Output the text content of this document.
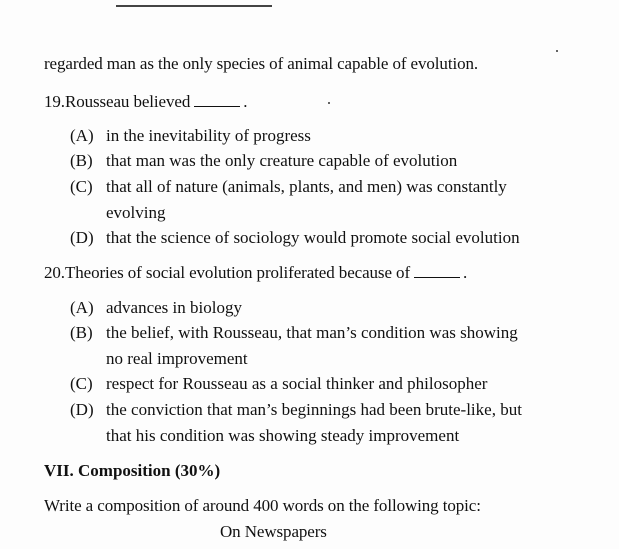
regarded man as the only species of animal capable of evolution.
19.Rousseau believed	.
(A) in the inevitability of progress
(B) that man was the only creature capable of evolution
(C) that all of nature (animals, plants, and men) was constantly
evolving
(D) that the science of sociology would promote social evolution
20.Theories of social evolution proliferated because of	.
(A) advances in biology
(B) the belief, with Rousseau, that man’s condition was showing
no real improvement
(C) respect for Rousseau as a social thinker and philosopher
(D) the conviction that man’s beginnings had been brute-like, but
that his condition was showing steady improvement
VII. Composition (30%)
Write a composition of around 400 words on the following topic:
On Newspapers
